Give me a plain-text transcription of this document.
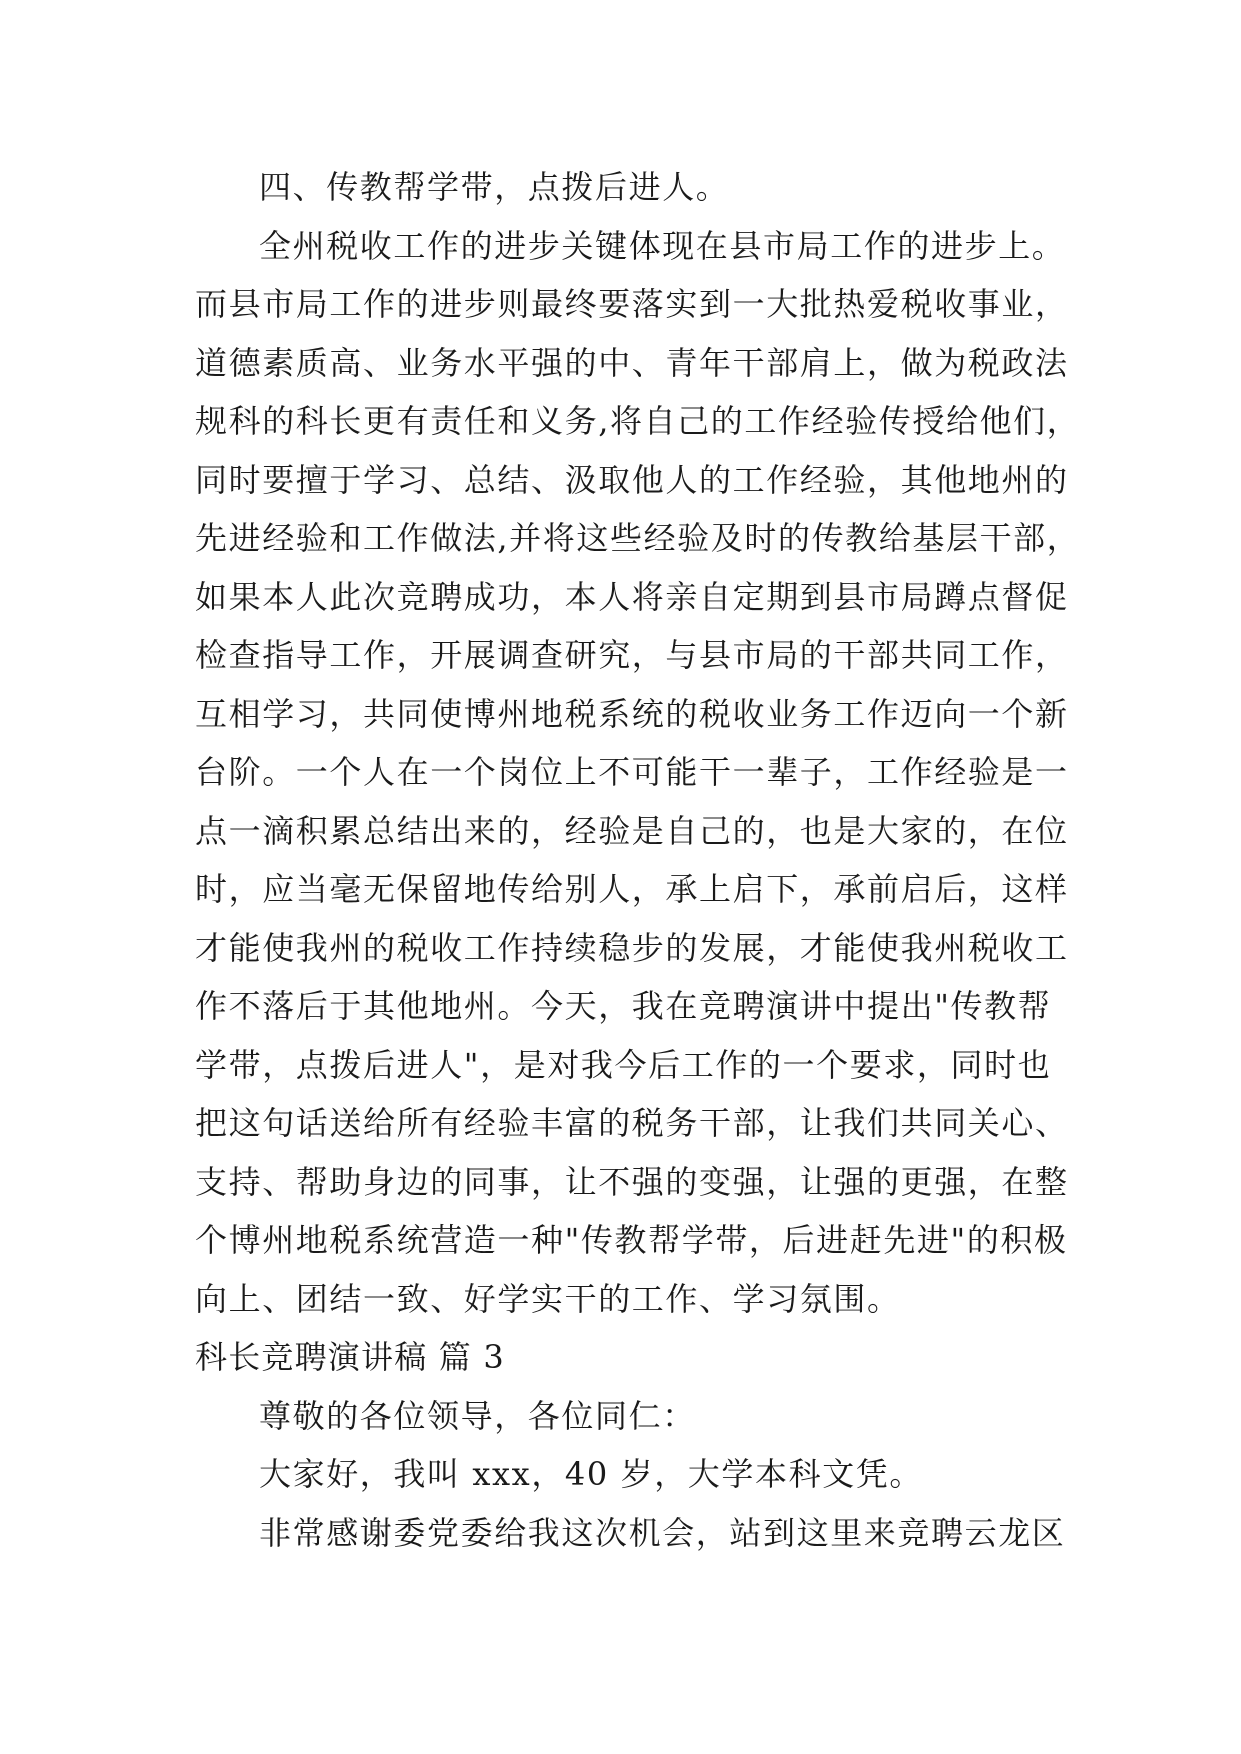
四、传教帮学带，点拨后进人。
全州税收工作的进步关键体现在县市局工作的进步上。
而县市局工作的进步则最终要落实到一大批热爱税收事业，
道德素质高、业务水平强的中、青年干部肩上，做为税政法
规科的科长更有责任和义务,将自己的工作经验传授给他们，
同时要擅于学习、总结、汲取他人的工作经验，其他地州的
先进经验和工作做法,并将这些经验及时的传教给基层干部，
如果本人此次竞聘成功，本人将亲自定期到县市局蹲点督促
检查指导工作，开展调查研究，与县市局的干部共同工作，
互相学习，共同使博州地税系统的税收业务工作迈向一个新
台阶。一个人在一个岗位上不可能干一辈子，工作经验是一
点一滴积累总结出来的，经验是自己的，也是大家的，在位
时，应当毫无保留地传给别人，承上启下，承前启后，这样
才能使我州的税收工作持续稳步的发展，才能使我州税收工
作不落后于其他地州。今天，我在竞聘演讲中提出"传教帮
学带，点拨后进人"，是对我今后工作的一个要求，同时也
把这句话送给所有经验丰富的税务干部，让我们共同关心、
支持、帮助身边的同事，让不强的变强，让强的更强，在整
个博州地税系统营造一种"传教帮学带，后进赶先进"的积极
向上、团结一致、好学实干的工作、学习氛围。
科长竞聘演讲稿 篇 3
尊敬的各位领导，各位同仁：
大家好，我叫 xxx，40 岁，大学本科文凭。
非常感谢委党委给我这次机会，站到这里来竞聘云龙区
